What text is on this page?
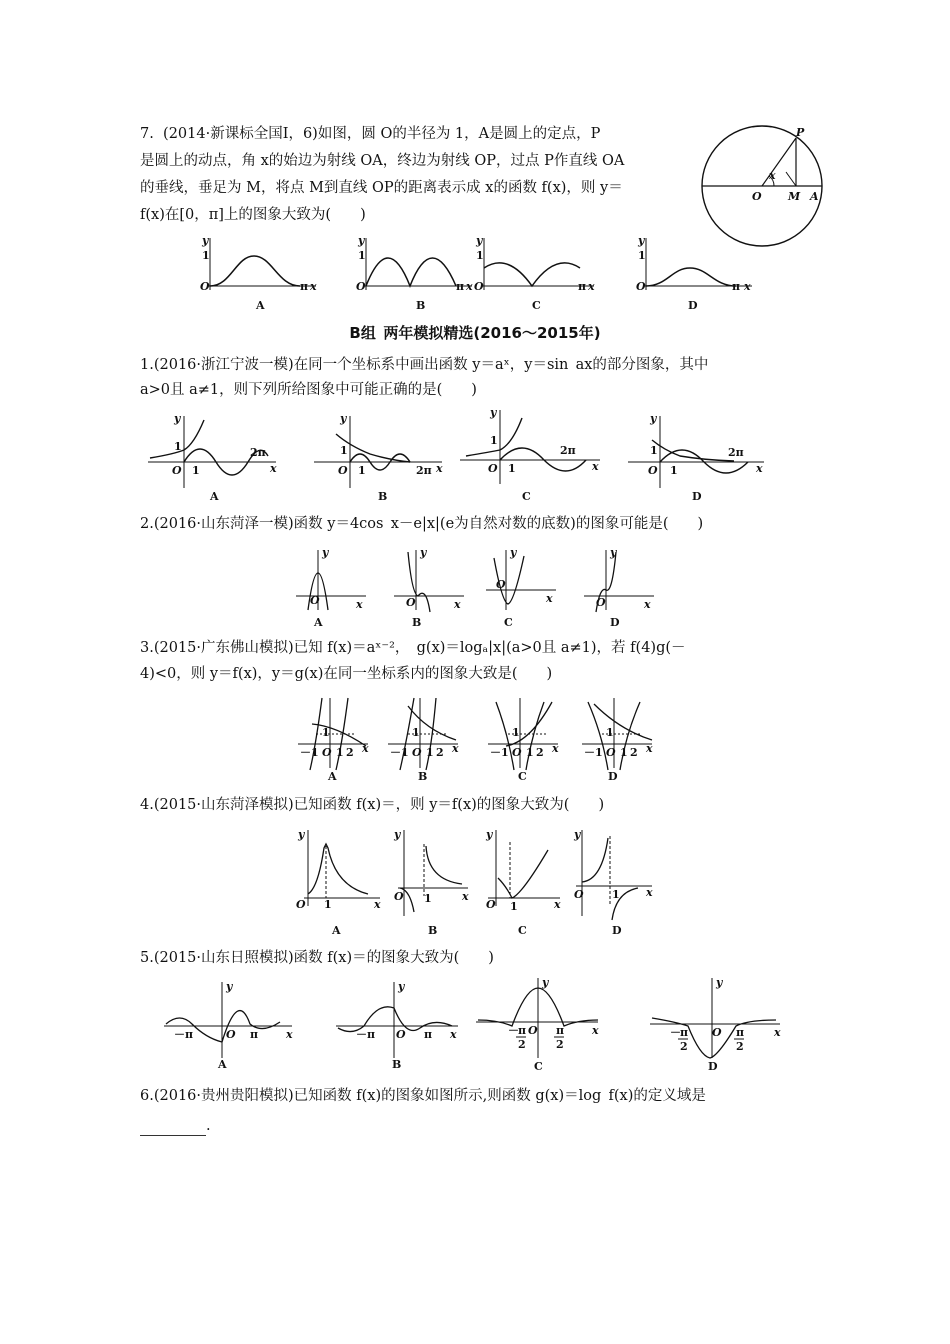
7.  (2014·新课标全国Ⅰ，6)如图，圆 O的半径为 1，A是圆上的定点，P
是圆上的动点，角 x的始边为射线 OA，终边为射线 OP，过点 P作直线 OA
的垂线，垂足为 M，将点 M到直线 OP的距离表示成 x的函数 f(x)，则 y＝
f(x)在[0，π]上的图象大致为(　　)
P
O M A
x
y
1
O	π x
A
y
1
O	π x
B
y
1
O	π x
C
y
1
O	π x
D
B组 两年模拟精选(2016～2015年)
1.(2016·浙江宁波一模)在同一个坐标系中画出函数 y＝aˣ，y＝sin ax的部分图象，其中
a>0且 a≠1，则下列所给图象中可能正确的是(　　)
y
1
O 1
2π
x
A
y
1
O 1	2π x
B
y
1
O 1
2π
x
C
y
1
O 1
2π
x
D
2.(2016·山东菏泽一模)函数 y＝4cos x－e|x|(e为自然对数的底数)的图象可能是(　　)
y
O	x
A
y
O	x
B
y
O
x
C
y
O	x
D
3.(2015·广东佛山模拟)已知 f(x)＝aˣ⁻²， g(x)＝logₐ|x|(a>0且 a≠1)，若 f(4)g(－
4)<0，则 y＝f(x)，y＝g(x)在同一坐标系内的图象大致是(　　)
1
－1 O 1 2 x
A
1
－1 O 1 2 x
B
1
－1 O 1 2 x
C
1
－1 O 1 2 x
D
4.(2015·山东菏泽模拟)已知函数 f(x)＝，则 y＝f(x)的图象大致为(　　)
y
O 1	x
A
y
O 1	x
B
y
O 1	x
C
y
O	1 x
D
5.(2015·山东日照模拟)函数 f(x)＝的图象大致为(　　)
y
O
－π	π	x
A
y
O
－π	π x
B
y
O
－ π
2
π
2
x
C
y
O
－ π
2
π
2
x
D
6.(2016·贵州贵阳模拟)已知函数 f(x)的图象如图所示,则函数 g(x)＝log f(x)的定义域是
.
